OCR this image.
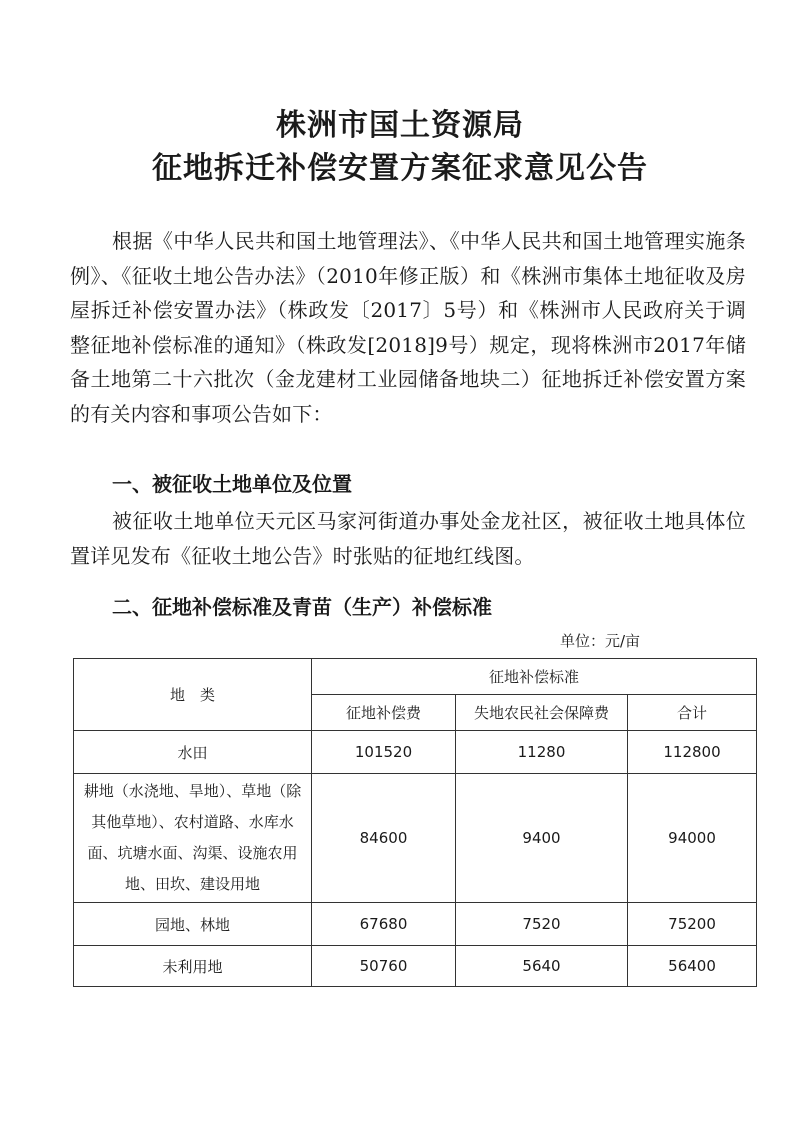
株洲市国土资源局
征地拆迁补偿安置方案征求意见公告

根据《中华人民共和国土地管理法》、《中华人民共和国土地管理实施条例》、《征收土地公告办法》（2010年修正版）和《株洲市集体土地征收及房屋拆迁补偿安置办法》（株政发〔2017〕5号）和《株洲市人民政府关于调整征地补偿标准的通知》（株政发[2018]9号）规定，现将株洲市2017年储备土地第二十六批次（金龙建材工业园储备地块二）征地拆迁补偿安置方案的有关内容和事项公告如下：

一、被征收土地单位及位置

被征收土地单位天元区马家河街道办事处金龙社区，被征收土地具体位置详见发布《征收土地公告》时张贴的征地红线图。

二、征地补偿标准及青苗（生产）补偿标准
单位：元/亩
地　类	征地补偿标准		
	征地补偿费	失地农民社会保障费	合计
水田	101520	11280	112800
耕地（水浇地、旱地）、草地（除其他草地）、农村道路、水库水面、坑塘水面、沟渠、设施农用地、田坎、建设用地	84600	9400	94000
园地、林地	67680	7520	75200
未利用地	50760	5640	56400
